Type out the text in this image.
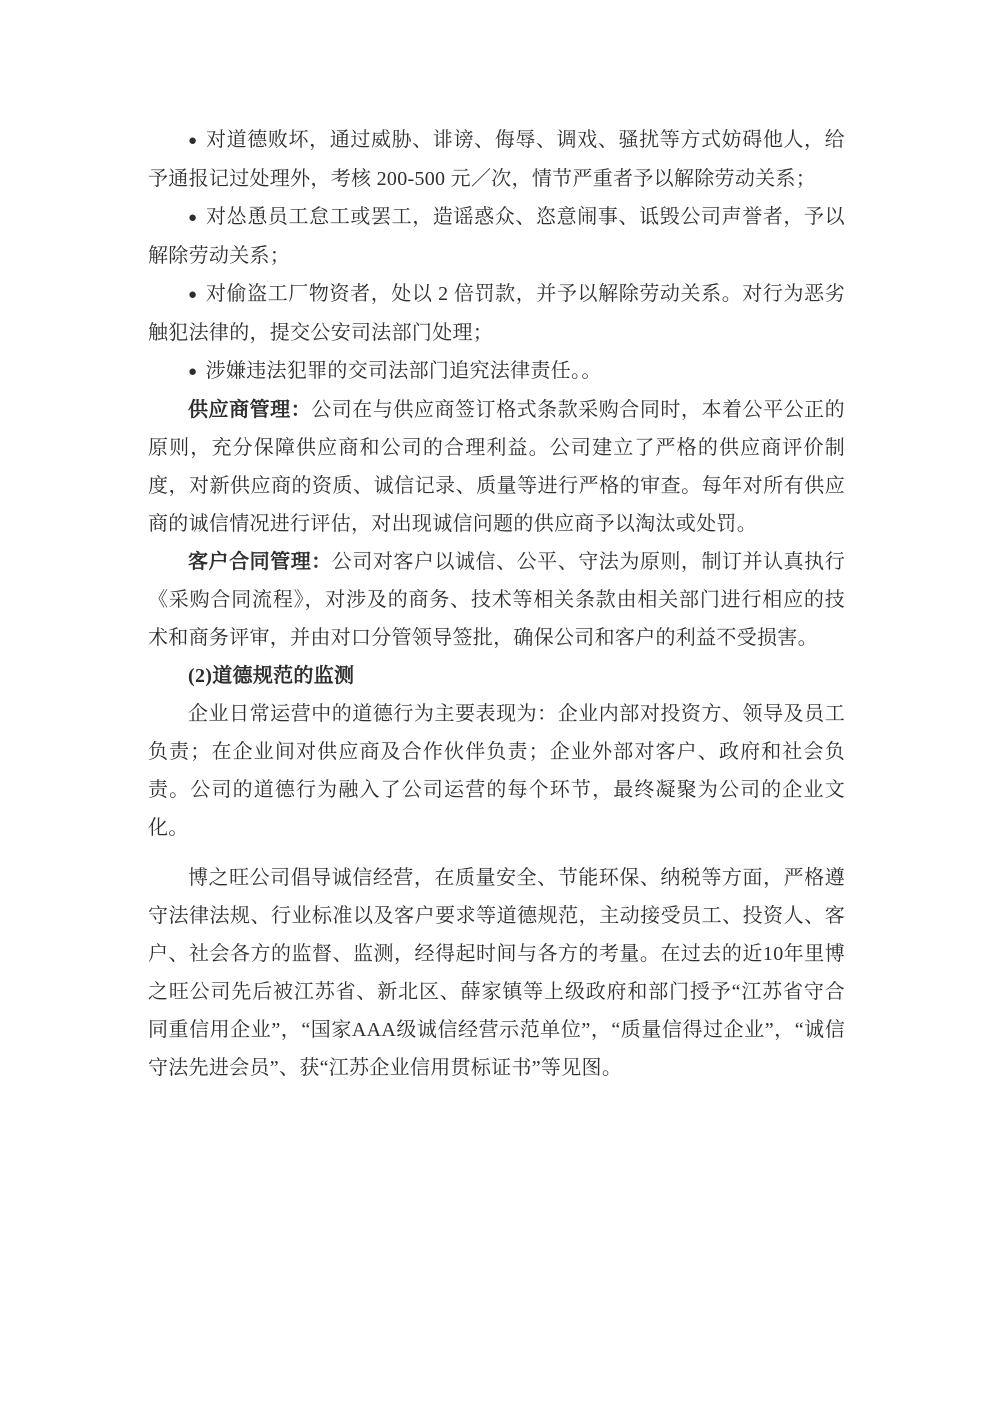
● 对道德败坏，通过威胁、诽谤、侮辱、调戏、骚扰等方式妨碍他人，给予通报记过处理外，考核 200-500 元／次，情节严重者予以解除劳动关系；

● 对怂恿员工怠工或罢工，造谣惑众、恣意闹事、诋毁公司声誉者，予以解除劳动关系；

● 对偷盗工厂物资者，处以 2 倍罚款，并予以解除劳动关系。对行为恶劣触犯法律的，提交公安司法部门处理；

● 涉嫌违法犯罪的交司法部门追究法律责任。。

供应商管理：公司在与供应商签订格式条款采购合同时，本着公平公正的原则，充分保障供应商和公司的合理利益。公司建立了严格的供应商评价制度，对新供应商的资质、诚信记录、质量等进行严格的审查。每年对所有供应商的诚信情况进行评估，对出现诚信问题的供应商予以淘汰或处罚。

客户合同管理：公司对客户以诚信、公平、守法为原则，制订并认真执行《采购合同流程》，对涉及的商务、技术等相关条款由相关部门进行相应的技术和商务评审，并由对口分管领导签批，确保公司和客户的利益不受损害。

(2)道德规范的监测

企业日常运营中的道德行为主要表现为：企业内部对投资方、领导及员工负责；在企业间对供应商及合作伙伴负责；企业外部对客户、政府和社会负责。公司的道德行为融入了公司运营的每个环节，最终凝聚为公司的企业文化。

博之旺公司倡导诚信经营，在质量安全、节能环保、纳税等方面，严格遵守法律法规、行业标准以及客户要求等道德规范，主动接受员工、投资人、客户、社会各方的监督、监测，经得起时间与各方的考量。在过去的近10年里博之旺公司先后被江苏省、新北区、薛家镇等上级政府和部门授予“江苏省守合同重信用企业”，“国家AAA级诚信经营示范单位”，“质量信得过企业”，“诚信守法先进会员”、获“江苏企业信用贯标证书”等见图。
